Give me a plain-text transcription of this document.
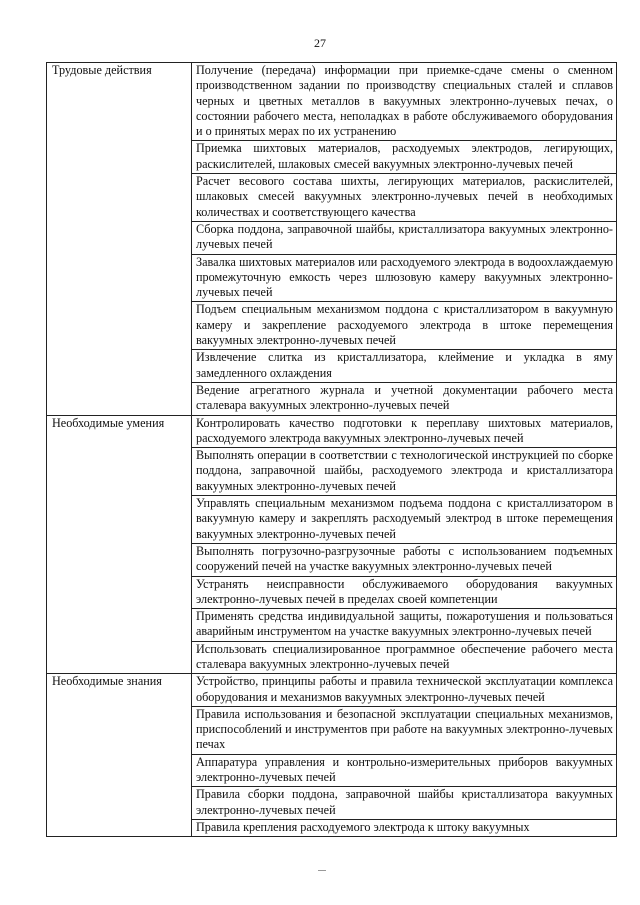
27
Трудовые действия	Получение (передача) информации при приемке-сдаче смены о сменном производственном задании по производству специальных сталей и сплавов черных и цветных металлов в вакуумных электронно-лучевых печах, о состоянии рабочего места, неполадках в работе обслуживаемого оборудования и о принятых мерах по их устранению
	Приемка шихтовых материалов, расходуемых электродов, легирующих, раскислителей, шлаковых смесей вакуумных электронно-лучевых печей
	Расчет весового состава шихты, легирующих материалов, раскислителей, шлаковых смесей вакуумных электронно-лучевых печей в необходимых количествах и соответствующего качества
	Сборка поддона, заправочной шайбы, кристаллизатора вакуумных электронно-лучевых печей
	Завалка шихтовых материалов или расходуемого электрода в водоохлаждаемую промежуточную емкость через шлюзовую камеру вакуумных электронно-лучевых печей
	Подъем специальным механизмом поддона с кристаллизатором в вакуумную камеру и закрепление расходуемого электрода в штоке перемещения вакуумных электронно-лучевых печей
	Извлечение слитка из кристаллизатора, клеймение и укладка в яму замедленного охлаждения
	Ведение агрегатного журнала и учетной документации рабочего места сталевара вакуумных электронно-лучевых печей
Необходимые умения	Контролировать качество подготовки к переплаву шихтовых материалов, расходуемого электрода вакуумных электронно-лучевых печей
	Выполнять операции в соответствии с технологической инструкцией по сборке поддона, заправочной шайбы, расходуемого электрода и кристаллизатора вакуумных электронно-лучевых печей
	Управлять специальным механизмом подъема поддона с кристаллизатором в вакуумную камеру и закреплять расходуемый электрод в штоке перемещения вакуумных электронно-лучевых печей
	Выполнять погрузочно-разгрузочные работы с использованием подъемных сооружений печей на участке вакуумных электронно-лучевых печей
	Устранять неисправности обслуживаемого оборудования вакуумных электронно-лучевых печей в пределах своей компетенции
	Применять средства индивидуальной защиты, пожаротушения и пользоваться аварийным инструментом на участке вакуумных электронно-лучевых печей
	Использовать специализированное программное обеспечение рабочего места сталевара вакуумных электронно-лучевых печей
Необходимые знания	Устройство, принципы работы и правила технической эксплуатации комплекса оборудования и механизмов вакуумных электронно-лучевых печей
	Правила использования и безопасной эксплуатации специальных механизмов, приспособлений и инструментов при работе на вакуумных электронно-лучевых печах
	Аппаратура управления и контрольно-измерительных приборов вакуумных электронно-лучевых печей
	Правила сборки поддона, заправочной шайбы кристаллизатора вакуумных электронно-лучевых печей
	Правила крепления расходуемого электрода к штоку вакуумных
